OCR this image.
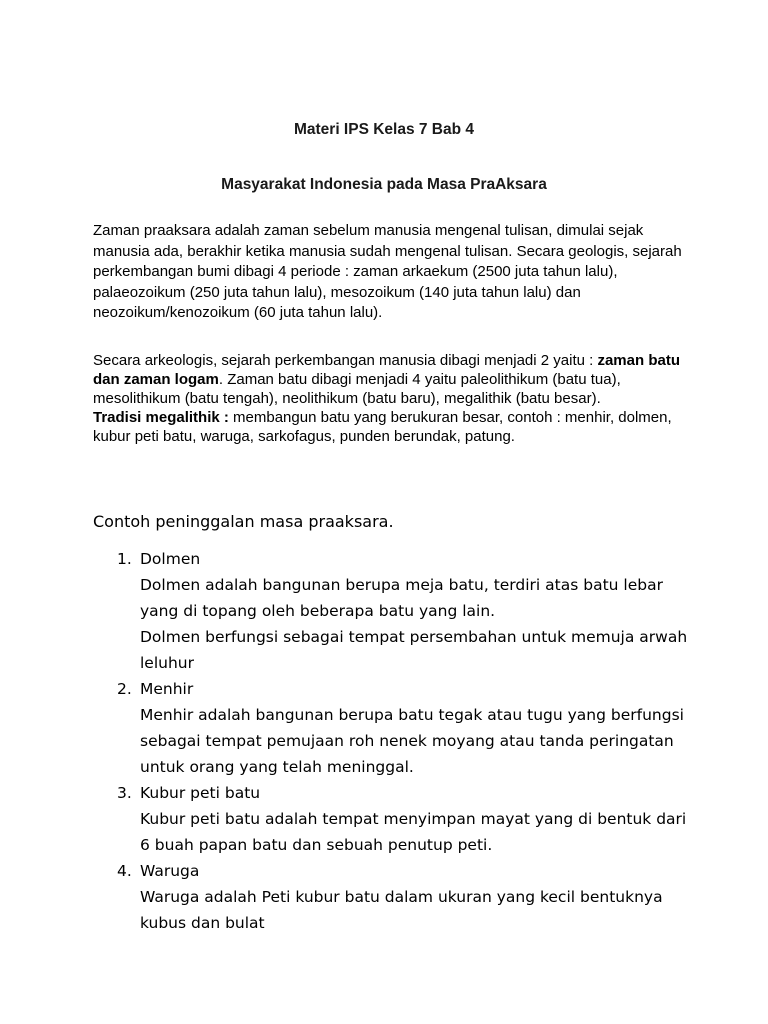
Materi IPS Kelas 7 Bab 4
Masyarakat Indonesia pada Masa PraAksara
Zaman praaksara adalah zaman sebelum manusia mengenal tulisan, dimulai sejak manusia ada, berakhir ketika manusia sudah mengenal tulisan. Secara geologis, sejarah perkembangan bumi dibagi 4 periode : zaman arkaekum (2500 juta tahun lalu), palaeozoikum (250 juta tahun lalu), mesozoikum (140 juta tahun lalu) dan neozoikum/kenozoikum (60 juta tahun lalu).
Secara arkeologis, sejarah perkembangan manusia dibagi menjadi 2 yaitu : zaman batu dan zaman logam. Zaman batu dibagi menjadi 4 yaitu paleolithikum (batu tua), mesolithikum (batu tengah), neolithikum (batu baru), megalithik (batu besar).
Tradisi megalithik : membangun batu yang berukuran besar, contoh : menhir, dolmen, kubur peti batu, waruga, sarkofagus, punden berundak, patung.
Contoh peninggalan masa praaksara.
1. Dolmen
Dolmen adalah bangunan berupa meja batu, terdiri atas batu lebar yang di topang oleh beberapa batu yang lain.
Dolmen berfungsi sebagai tempat persembahan untuk memuja arwah leluhur
2. Menhir
Menhir adalah bangunan berupa batu tegak atau tugu yang berfungsi sebagai tempat pemujaan roh nenek moyang atau tanda peringatan untuk orang yang telah meninggal.
3. Kubur peti batu
Kubur peti batu adalah tempat menyimpan mayat yang di bentuk dari 6 buah papan batu dan sebuah penutup peti.
4. Waruga
Waruga adalah Peti kubur batu dalam ukuran yang kecil bentuknya kubus dan bulat
